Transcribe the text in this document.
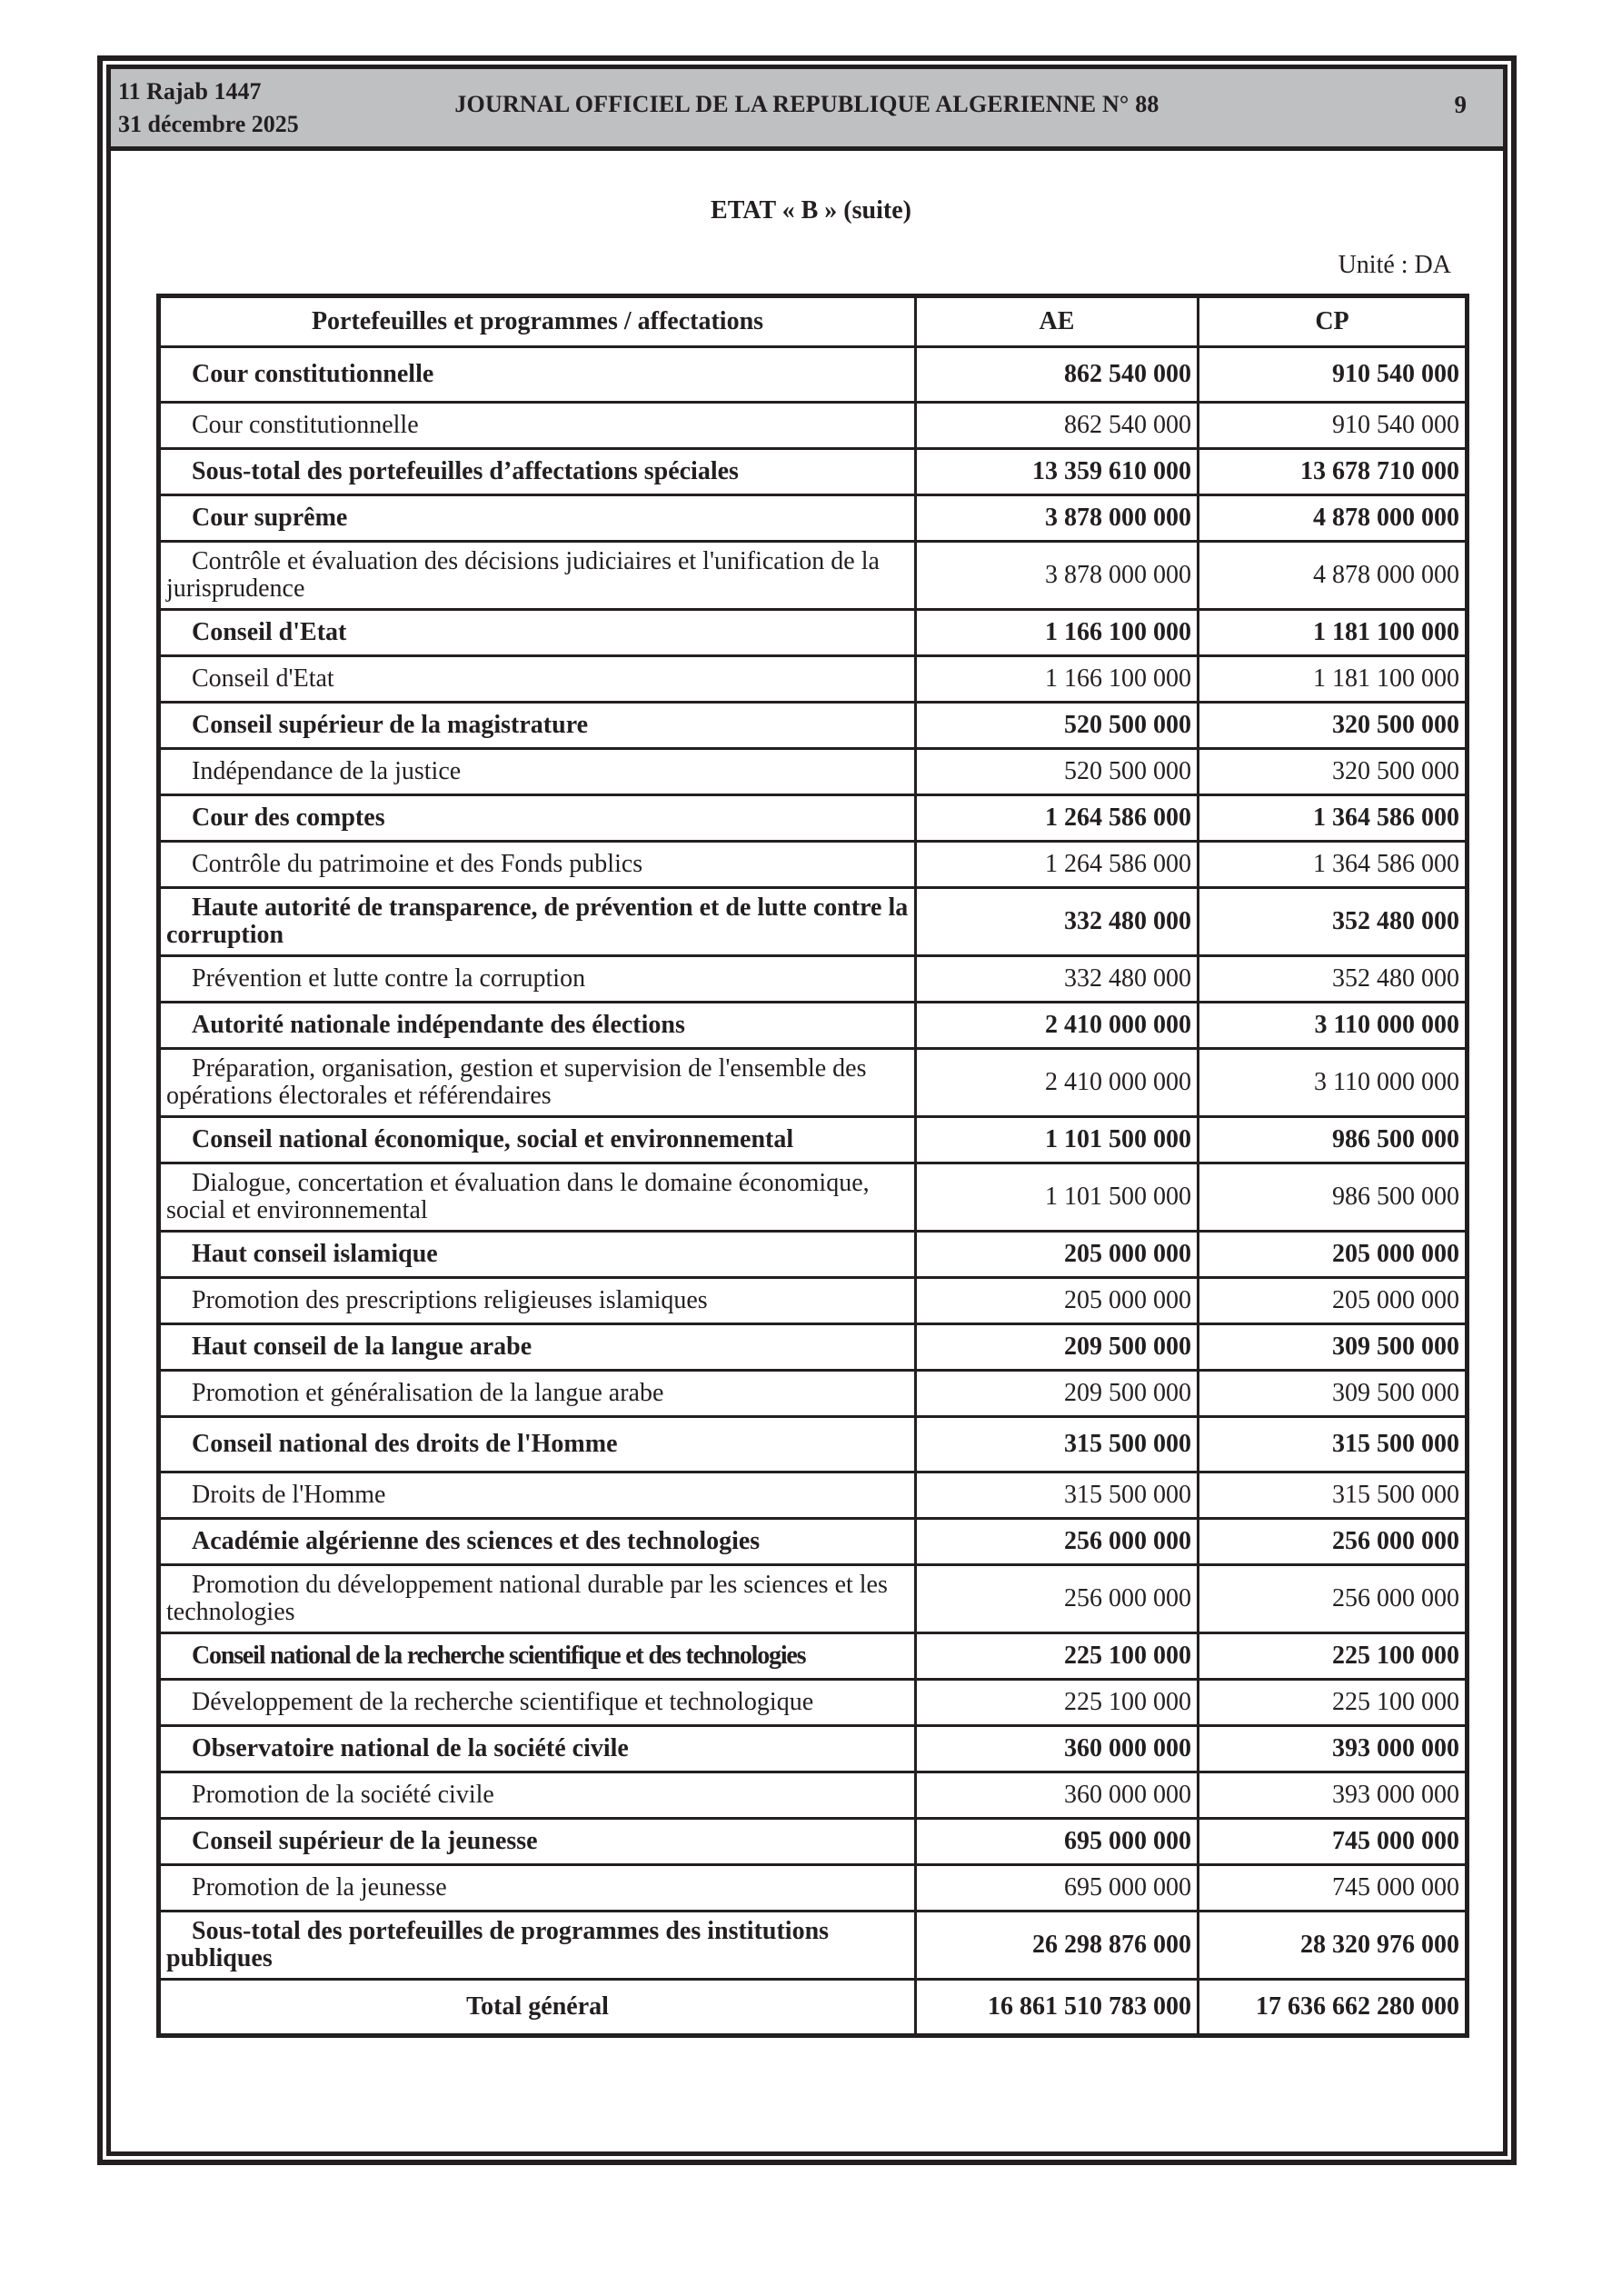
11 Rajab 1447
31 décembre 2025
JOURNAL OFFICIEL DE LA REPUBLIQUE ALGERIENNE N° 88	9
ETAT « B » (suite)
Unité : DA
Portefeuilles et programmes / affectations	AE	CP

Cour constitutionnelle	862 540 000	910 540 000

Cour constitutionnelle	862 540 000	910 540 000

Sous-total des portefeuilles d’affectations spéciales	13 359 610 000	13 678 710 000

Cour suprême	3 878 000 000	4 878 000 000

Contrôle et évaluation des décisions judiciaires et l'unification de la jurisprudence	3 878 000 000	4 878 000 000

Conseil d'Etat	1 166 100 000	1 181 100 000

Conseil d'Etat	1 166 100 000	1 181 100 000

Conseil supérieur de la magistrature	520 500 000	320 500 000

Indépendance de la justice	520 500 000	320 500 000

Cour des comptes	1 264 586 000	1 364 586 000

Contrôle du patrimoine et des Fonds publics	1 264 586 000	1 364 586 000

Haute autorité de transparence, de prévention et de lutte contre la corruption	332 480 000	352 480 000

Prévention et lutte contre la corruption	332 480 000	352 480 000

Autorité nationale indépendante des élections	2 410 000 000	3 110 000 000

Préparation, organisation, gestion et supervision de l'ensemble des opérations électorales et référendaires	2 410 000 000	3 110 000 000

Conseil national économique, social et environnemental	1 101 500 000	986 500 000

Dialogue, concertation et évaluation dans le domaine économique, social et environnemental	1 101 500 000	986 500 000

Haut conseil islamique	205 000 000	205 000 000

Promotion des prescriptions religieuses islamiques	205 000 000	205 000 000

Haut conseil de la langue arabe	209 500 000	309 500 000

Promotion et généralisation de la langue arabe	209 500 000	309 500 000

Conseil national des droits de l'Homme	315 500 000	315 500 000

Droits de l'Homme	315 500 000	315 500 000

Académie algérienne des sciences et des technologies	256 000 000	256 000 000

Promotion du développement national durable par les sciences et les technologies	256 000 000	256 000 000

Conseil national de la recherche scientifique et des technologies	225 100 000	225 100 000

Développement de la recherche scientifique et technologique	225 100 000	225 100 000

Observatoire national de la société civile	360 000 000	393 000 000

Promotion de la société civile	360 000 000	393 000 000

Conseil supérieur de la jeunesse	695 000 000	745 000 000

Promotion de la jeunesse	695 000 000	745 000 000

Sous-total des portefeuilles de programmes des institutions publiques	26 298 876 000	28 320 976 000

Total général	16 861 510 783 000	17 636 662 280 000
